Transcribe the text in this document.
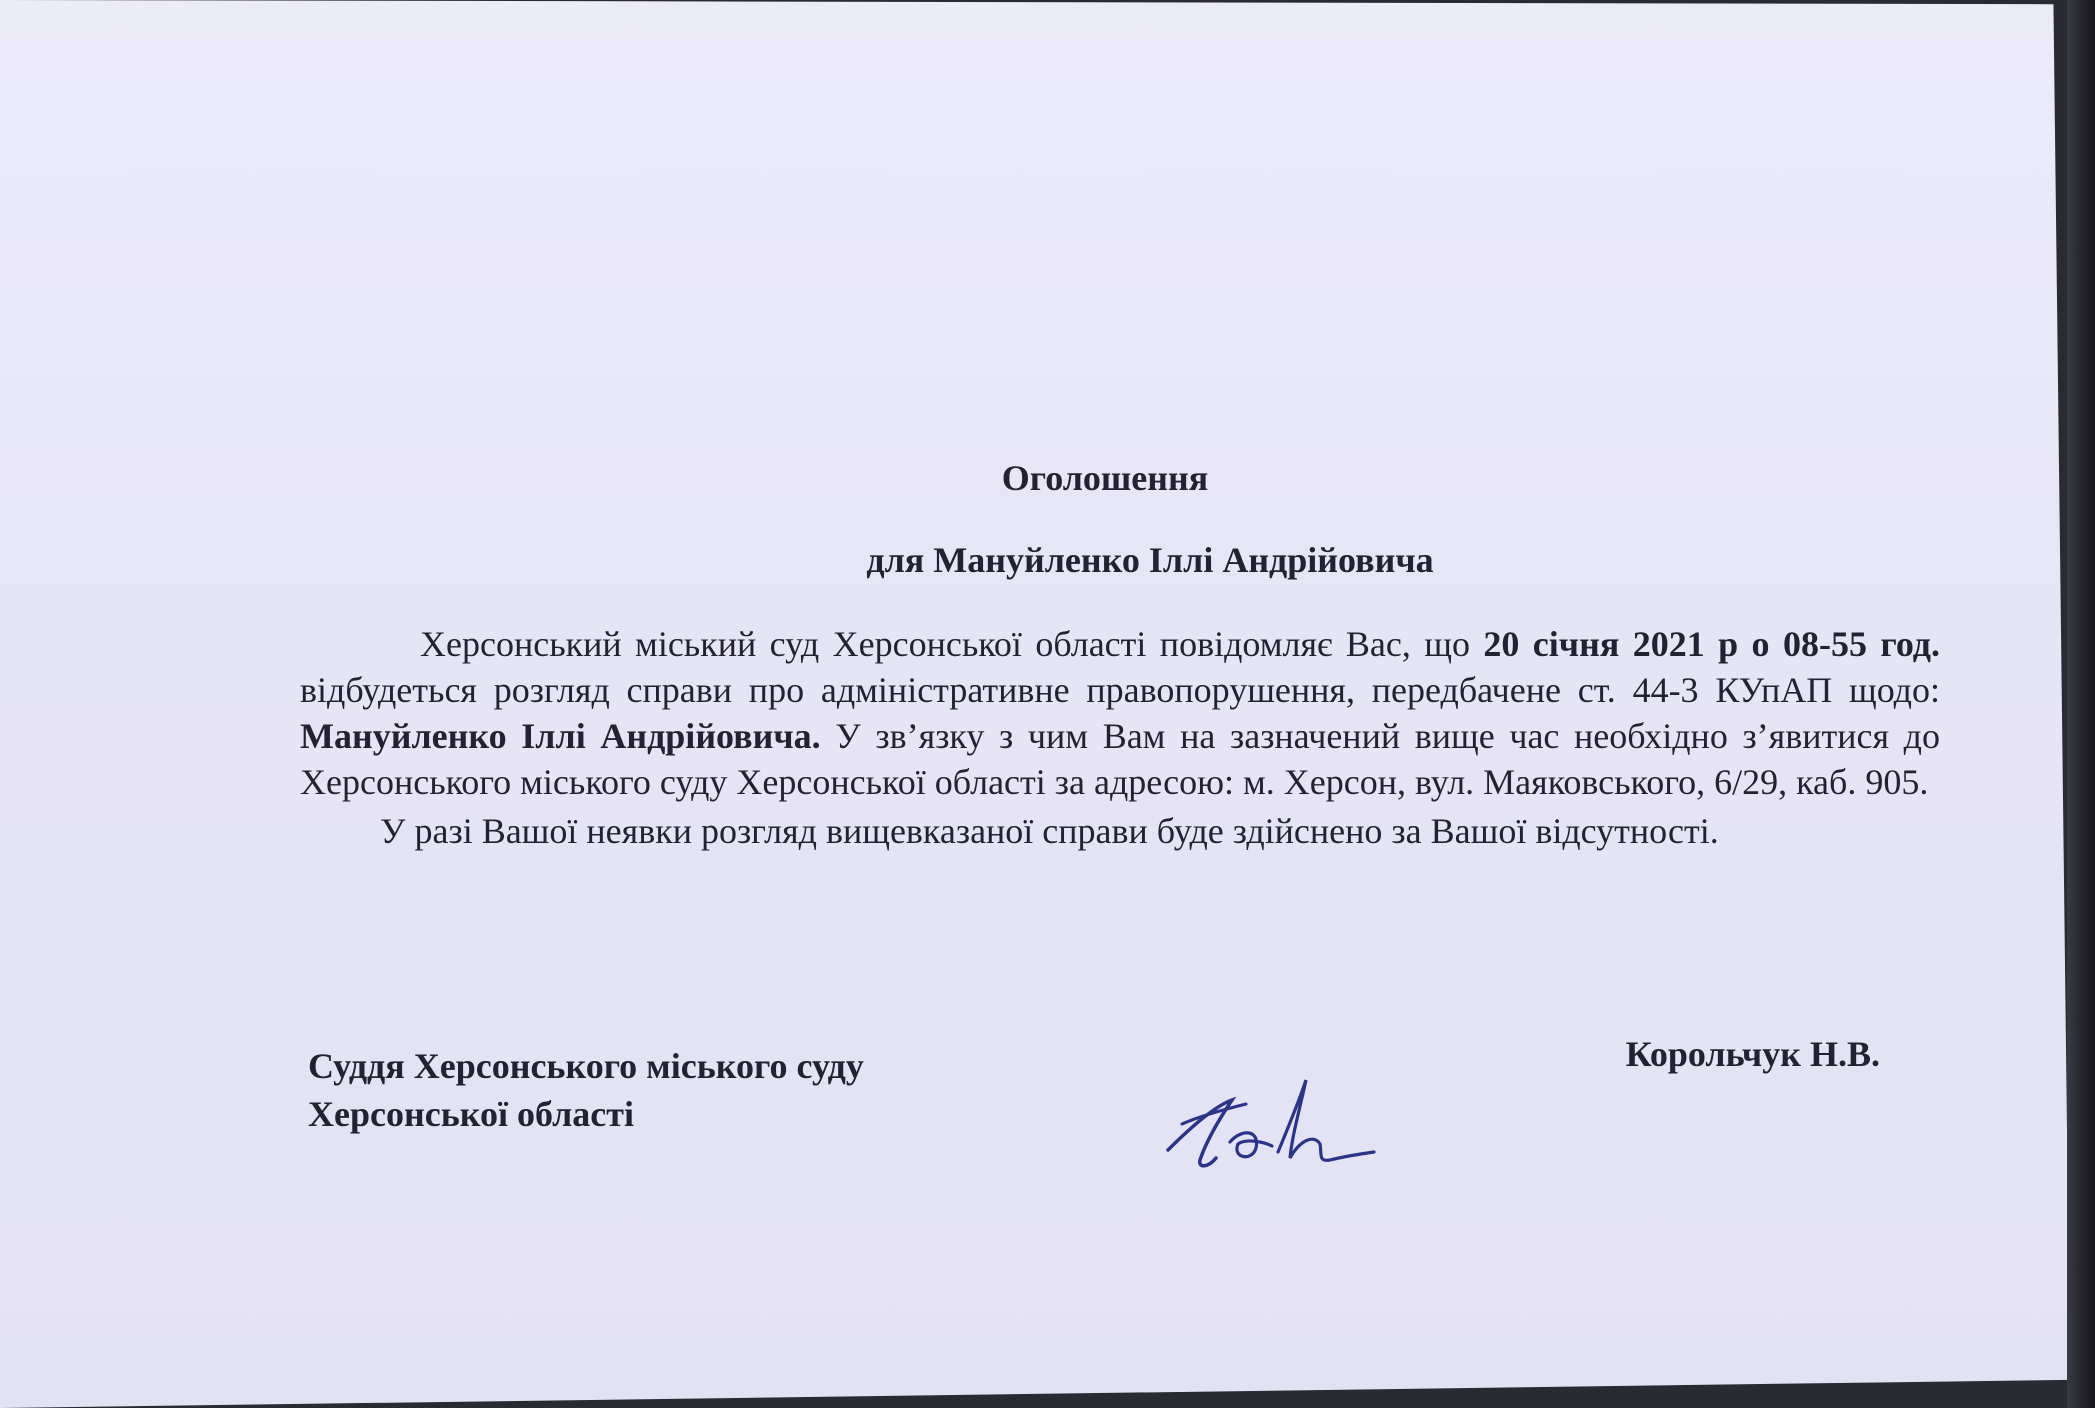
Оголошення
для Мануйленко Іллі Андрійовича

Херсонський міський суд Херсонської області повідомляє Вас, що 20 січня 2021 р о 08-55 год. відбудеться розгляд справи про адміністративне правопорушення, передбачене ст. 44-3 КУпАП щодо: Мануйленко Іллі Андрійовича. У зв’язку з чим Вам на зазначений вище час необхідно з’явитися до Херсонського міського суду Херсонської області за адресою: м. Херсон, вул. Маяковського, 6/29, каб. 905.

У разі Вашої неявки розгляд вищевказаної справи буде здійснено за Вашої відсутності.

Суддя Херсонського міського суду
Херсонської області
Корольчук Н.В.
